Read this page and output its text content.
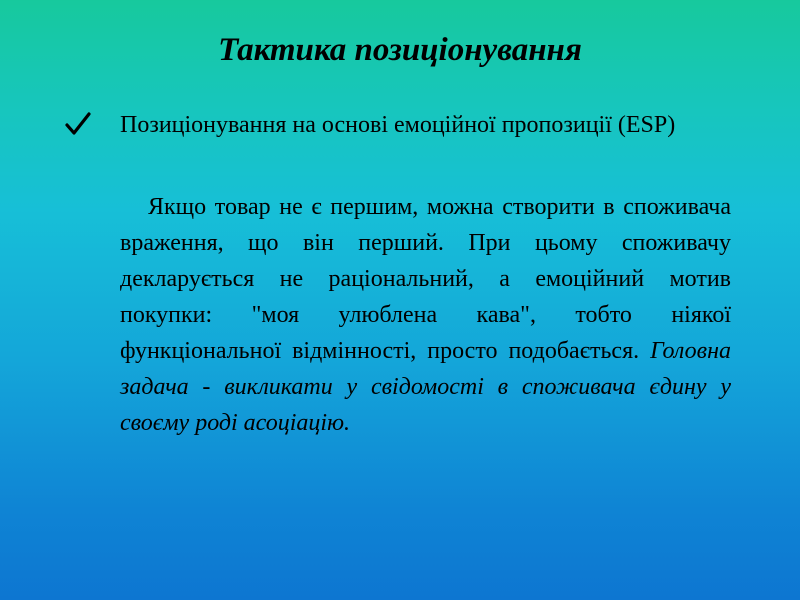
Тактика позиціонування
Позиціонування на основі емоційної пропозиції (ESP)

Якщо товар не є першим, можна створити в споживача враження, що він перший. При цьому споживачу декларується не раціональний, а емоційний мотив покупки: "моя улюблена кава", тобто ніякої функціональної відмінності, просто подобається. Головна задача - викликати у свідомості в споживача єдину у своєму роді асоціацію.
